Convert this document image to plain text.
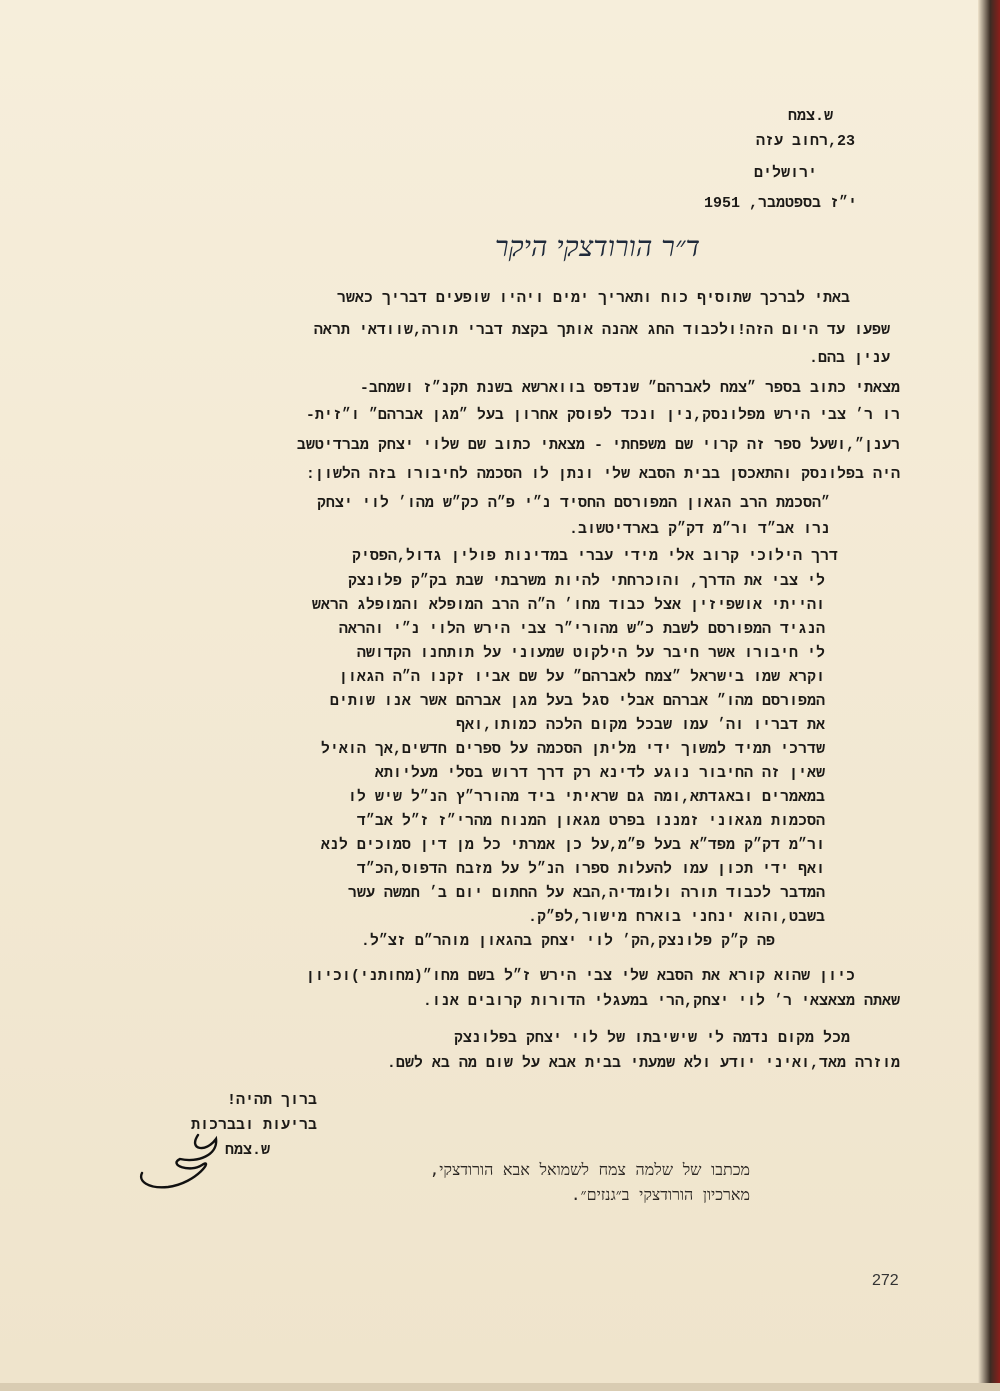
ש.צמח
23,רחוב עזה
ירושלים
י״ז בספטמבר, 1951
ד״ר הורודצקי היקר
באתי לברכך שתוסיף כוח ותאריך ימים ויהיו שופעים דבריך כאשר
שפעו עד היום הזה!ולכבוד החג אהנה אותך בקצת דברי תורה,שוודאי תראה
ענין בהם.
מצאתי כתוב בספר ״צמח לאברהם״ שנדפס בווארשא בשנת תקנ״ז ושמחב-
רו ר׳ צבי הירש מפלונסק,נין ונכד לפוסק אחרון בעל ״מגן אברהם״ ו״זית-
רענן״,ושעל ספר זה קרוי שם משפחתי - מצאתי כתוב שם שלוי יצחק מברדיטשב
היה בפלונסק והתאכסן בבית הסבא שלי ונתן לו הסכמה לחיבורו בזה הלשון:
״הסכמת הרב הגאון המפורסם החסיד נ״י פ״ה כק״ש מהו׳ לוי יצחק
נרו אב״ד ור״מ דק״ק בארדיטשוב.
דרך הילוכי קרוב אלי מידי עברי במדינות פולין גדול,הפסיק
לי צבי את הדרך, והוכרחתי להיות משרבתי שבת בק״ק פלונצק
והייתי אושפיזין אצל כבוד מחו׳ ה״ה הרב המופלא והמופלג הראש
הנגיד המפורסם לשבת כ״ש מהורי״ר צבי הירש הלוי נ״י והראה
לי חיבורו אשר חיבר על הילקוט שמעוני על תותחנו הקדושה
וקרא שמו בישראל ״צמח לאברהם״ על שם אביו זקנו ה״ה הגאון
המפורסם מהו״ אברהם אבלי סגל בעל מגן אברהם אשר אנו שותים
את דבריו וה׳ עמו שבכל מקום הלכה כמותו,ואף
שדרכי תמיד למשוך ידי מליתן הסכמה על ספרים חדשים,אך הואיל
שאין זה החיבור נוגע לדינא רק דרך דרוש בסלי מעליותא
במאמרים ובאגדתא,ומה גם שראיתי ביד מהורר״ץ הנ״ל שיש לו
הסכמות מגאוני זמננו בפרט מגאון המנוח מהרי״ז ז״ל אב״ד
ור״מ דק״ק מפד״א בעל פ״מ,על כן אמרתי כל מן דין סמוכים לנא
ואף ידי תכון עמו להעלות ספרו הנ״ל על מזבח הדפוס,הכ״ד
המדבר לכבוד תורה ולומדיה,הבא על החתום יום ב׳ חמשה עשר
בשבט,והוא ינחני בוארח מישור,לפ״ק.
פה ק״ק פלונצק,הק׳ לוי יצחק בהגאון מוהר״ם זצ״ל.
כיון שהוא קורא את הסבא שלי צבי הירש ז״ל בשם מחו״(מחותני)וכיון
שאתה מצאצאי ר׳ לוי יצחק,הרי במעגלי הדורות קרובים אנו.
מכל מקום נדמה לי שישיבתו של לוי יצחק בפלונצק
מוזרה מאד,ואיני יודע ולא שמעתי בבית אבא על שום מה בא לשם.
ברוך תהיה!
בריעות ובברכות
ש.צמח
מכתבו של שלמה צמח לשמואל אבא הורודצקי,
מארכיון הורודצקי ב״גנזים״.
272
